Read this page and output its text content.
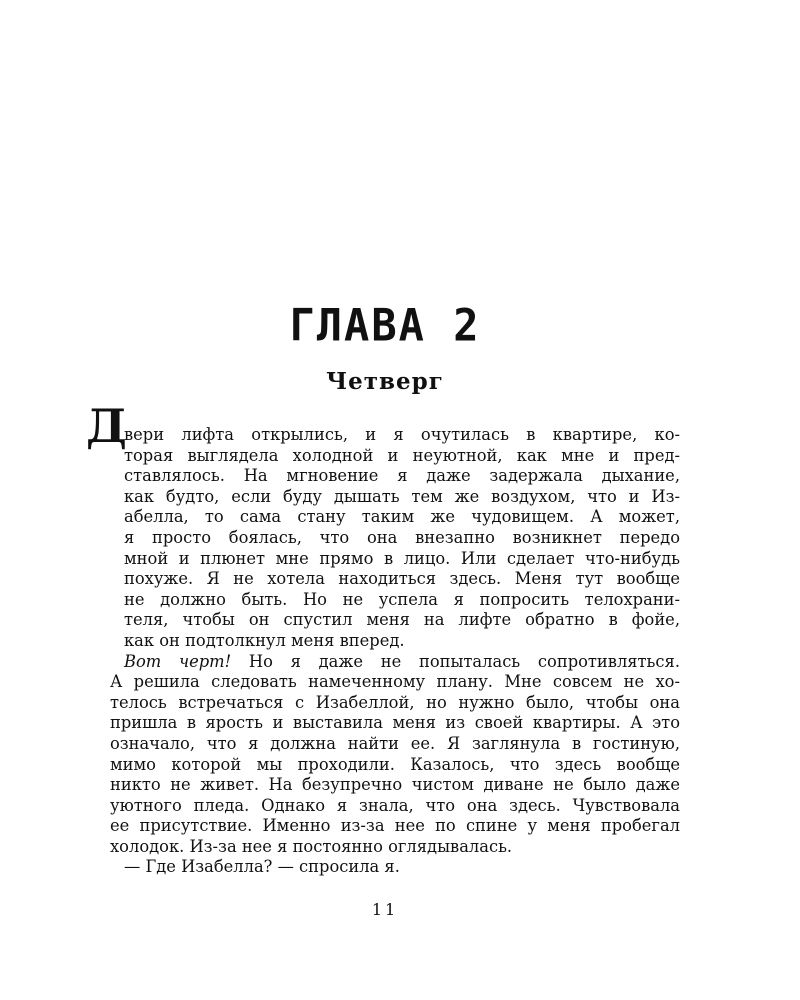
ГЛАВА 2
Четверг
Д
вери лифта открылись, и я очутилась в квартире, ко-
торая выглядела холодной и неуютной, как мне и пред-
ставлялось. На мгновение я даже задержала дыхание,
как будто, если буду дышать тем же воздухом, что и Из-
абелла, то сама стану таким же чудовищем. А может,
я просто боялась, что она внезапно возникнет передо
мной и плюнет мне прямо в лицо. Или сделает что-нибудь
похуже. Я не хотела находиться здесь. Меня тут вообще
не должно быть. Но не успела я попросить телохрани-
теля, чтобы он спустил меня на лифте обратно в фойе,
как он подтолкнул меня вперед.
Вот черт! Но я даже не попыталась сопротивляться.
А решила следовать намеченному плану. Мне совсем не хо-
телось встречаться с Изабеллой, но нужно было, чтобы она
пришла в ярость и выставила меня из своей квартиры. А это
означало, что я должна найти ее. Я заглянула в гостиную,
мимо которой мы проходили. Казалось, что здесь вообще
никто не живет. На безупречно чистом диване не было даже
уютного пледа. Однако я знала, что она здесь. Чувствовала
ее присутствие. Именно из-за нее по спине у меня пробегал
холодок. Из-за нее я постоянно оглядывалась.
— Где Изабелла? — спросила я.
11
